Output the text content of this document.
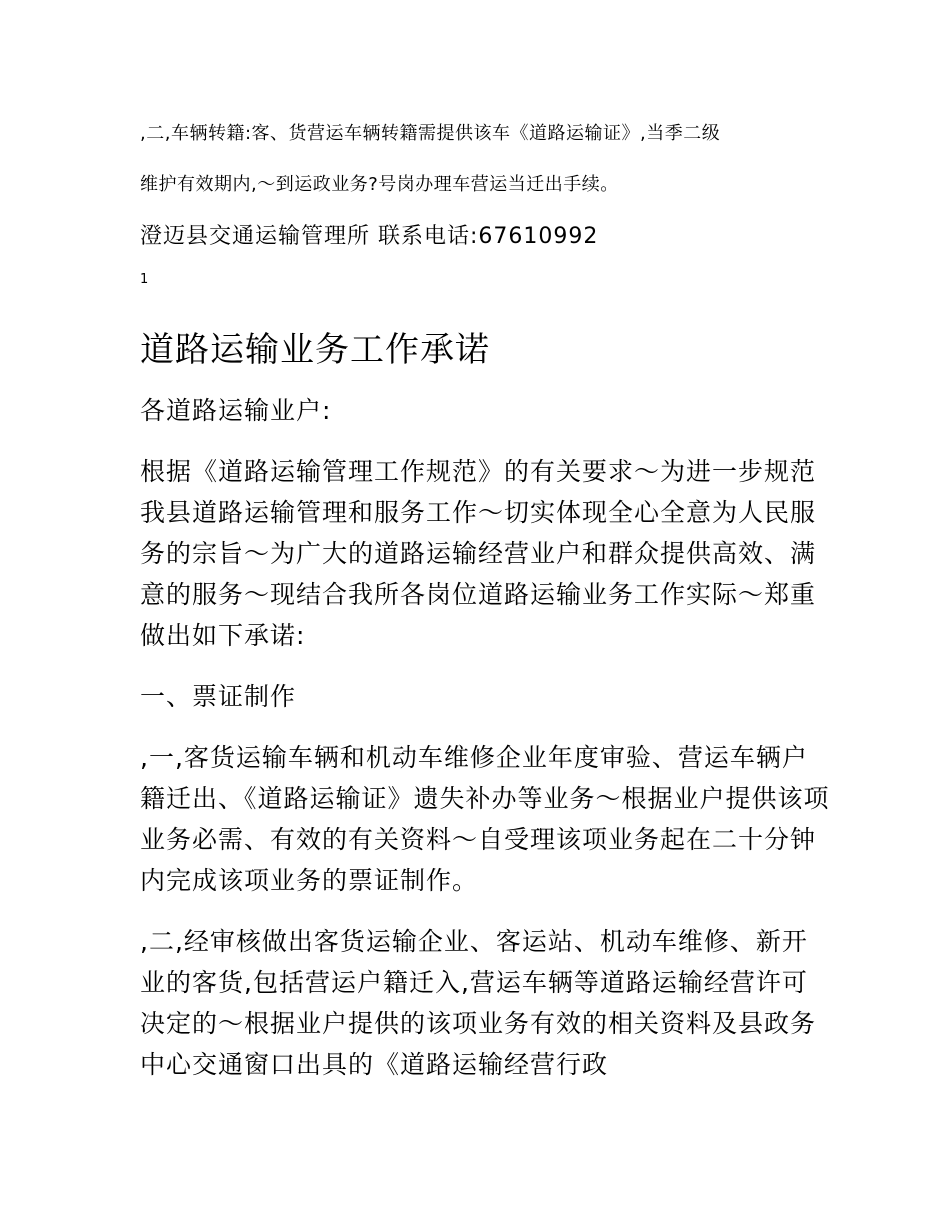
,二,车辆转籍:客、货营运车辆转籍需提供该车《道路运输证》,当季二级
维护有效期内,～到运政业务?号岗办理车营运当迁出手续。
澄迈县交通运输管理所 联系电话:67610992
1
道路运输业务工作承诺

各道路运输业户:

根据《道路运输管理工作规范》的有关要求～为进一步规范我县道路运输管理和服务工作～切实体现全心全意为人民服务的宗旨～为广大的道路运输经营业户和群众提供高效、满意的服务～现结合我所各岗位道路运输业务工作实际～郑重做出如下承诺:

一、票证制作

,一,客货运输车辆和机动车维修企业年度审验、营运车辆户籍迁出、《道路运输证》遗失补办等业务～根据业户提供该项业务必需、有效的有关资料～自受理该项业务起在二十分钟内完成该项业务的票证制作。

,二,经审核做出客货运输企业、客运站、机动车维修、新开业的客货,包括营运户籍迁入,营运车辆等道路运输经营许可决定的～根据业户提供的该项业务有效的相关资料及县政务中心交通窗口出具的《道路运输经营行政
